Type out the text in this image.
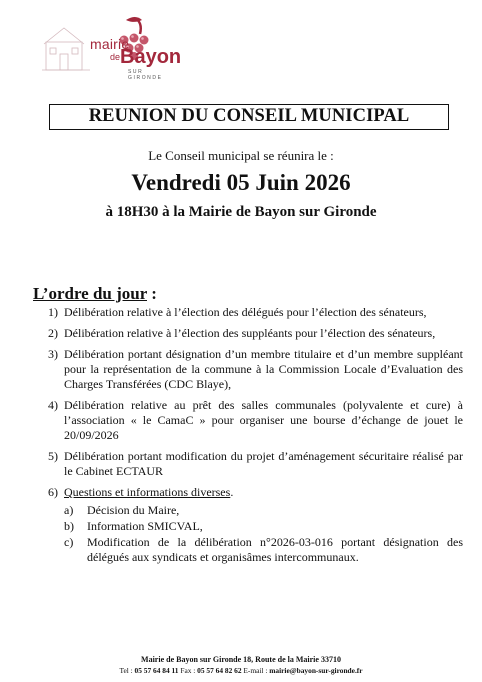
mairie
de Bayon
SUR GIRONDE
REUNION DU CONSEIL MUNICIPAL
Le Conseil municipal se réunira le :
Vendredi 05 Juin 2026
à 18H30 à la Mairie de Bayon sur Gironde
L’ordre du jour :
1) Délibération relative à l’élection des délégués pour l’élection des sénateurs,
2) Délibération relative à l’élection des suppléants pour l’élection des sénateurs,
3) Délibération portant désignation d’un membre titulaire et d’un membre suppléant pour la représentation de la commune à la Commission Locale d’Evaluation des Charges Transférées (CDC Blaye),
4) Délibération relative au prêt des salles communales (polyvalente et cure) à l’association « le CamaC » pour organiser une bourse d’échange de jouet le 20/09/2026
5) Délibération portant modification du projet d’aménagement sécuritaire réalisé par le Cabinet ECTAUR
6) Questions et informations diverses.
a)	Décision du Maire,
b)	Information SMICVAL,
c)	Modification de la délibération n°2026-03-016 portant désignation des délégués aux syndicats et organisâmes intercommunaux.
Mairie de Bayon sur Gironde 18, Route de la Mairie 33710
Tel : 05 57 64 84 11 Fax : 05 57 64 82 62 E-mail : mairie@bayon-sur-gironde.fr
